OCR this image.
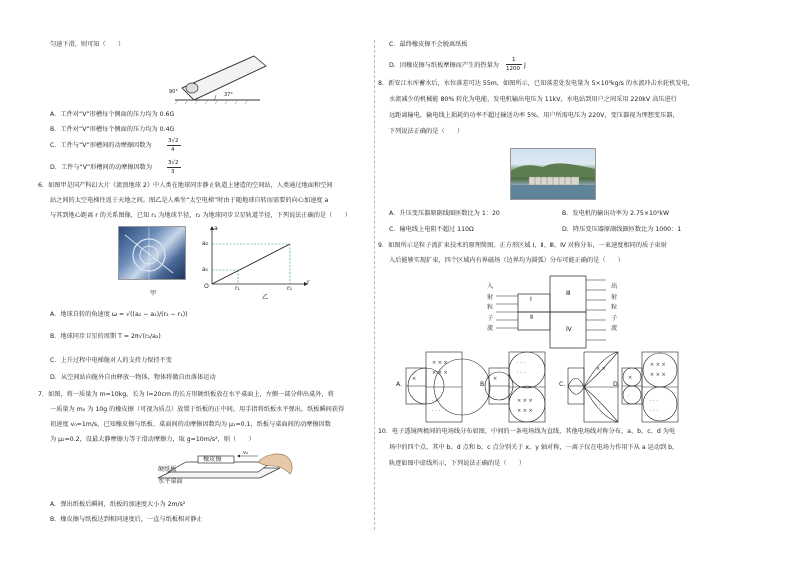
匀速下滑，则可知（　　）
90°	37°
A．工件对“V”形槽每个侧面的压力均为 0.6G
B．工件对“V”形槽每个侧面的压力均为 0.4G
C．工件与“V”形槽间的动摩擦因数为
3√2
4
D．工件与“V”形槽间的动摩擦因数为
3√2
3
6．如图甲是国产科幻大片《流浪地球 2》中人类在地球同步静止轨道上建造的空间站，人类通过地面和空间
站之间的太空电梯往返于天地之间。图乙是人乘坐“太空电梯”时由于随地球自转而需要的向心加速度 a
与其到地心距离 r 的关系图像，已知 r₁ 为地球半径，r₂ 为地球同步卫星轨道半径，下列说法正确的是（　　）
甲
a
a₂
a₁
O	r₁	r₂
r
乙
A．地球自转的角速度 ω = √((a₂ − a₁)/(r₂ − r₁))
B．地球同步卫星的周期 T = 2π√(r₂/a₂)
C．上升过程中电梯舱对人的支持力保持不变
D．从空间站向舱外自由释放一物体，物体将做自由落体运动
7．如图，将一质量为 m=10kg、长为 l=20cm 的长方形硬纸板放在水平桌面上，左侧一部分伸出桌外，将
一质量为 m₀ 为 10g 的橡皮擦（可视为质点）放置于纸板的正中间，用手指将纸板水平弹出，纸板瞬间获得
初速度 v₀=1m/s，已知橡皮擦与纸板、桌面间的动摩擦因数均为 μ₁=0.1，纸板与桌面间的动摩擦因数
为 μ₂=0.2，设最大静摩擦力等于滑动摩擦力，取 g=10m/s²，则（　　）
橡皮擦
v₀
硬纸板
水平桌面
A．弹出纸板后瞬间，纸板的加速度大小为 2m/s²
B．橡皮擦与纸板达到相同速度后，一直与纸板相对静止
C．最终橡皮擦不会脱离纸板
D．因橡皮擦与纸板摩擦而产生的热量为
1
1200 J
8．新安江水库蓄水后，水位落差可达 55m，如图所示，已知落差处发电量为 5×10⁵kg/s 的水流冲击水轮机发电，
水流减少的机械能 80% 转化为电能，发电机输出电压为 11kV，水电站到用户之间采用 220kV 高压进行
远距离输电，输电线上损耗的功率不超过输送功率 5%，用户所需电压为 220V，变压器视为理想变压器，
下列说法正确的是（　　）
A．升压变压器原副线圈匝数比为 1：20	B．发电机的输出功率为 2.75×10⁵kW
C．输电线上电阻不超过 110Ω	D．降压变压器原副线圈匝数比为 1000：1
9．如图所示是粒子流扩束技术的原理简图。正方形区域 Ⅰ、Ⅱ、Ⅲ、Ⅳ 对称分布，一束速度相同的质子束射
入后能够实现扩束，四个区域内有界磁场（边界均为圆弧）分布可能正确的是（　　）
入
射
粒
子
流
出
射
粒
子
流
Ⅰ
Ⅱ
Ⅲ
Ⅳ
× × ×
× × ×
· · ·
· · ·
×
·
· · ·
· · ·
× × ×
× × ×
×
·
× ×
· ·
× × ×
× × ×
· · ·
· · ·
×
·
A.	B.	C.	D.
10．电子透镜两极间的电场线分布如图，中间的一条电场线为直线，其他电场线对称分布，a、b、c、d 为电
场中的四个点，其中 b、d 点和 b、c 点分别关于 x、y 轴对称，一离子仅在电场力作用下从 a 运动到 b，
轨迹如图中虚线所示，下列说法正确的是（　　）
